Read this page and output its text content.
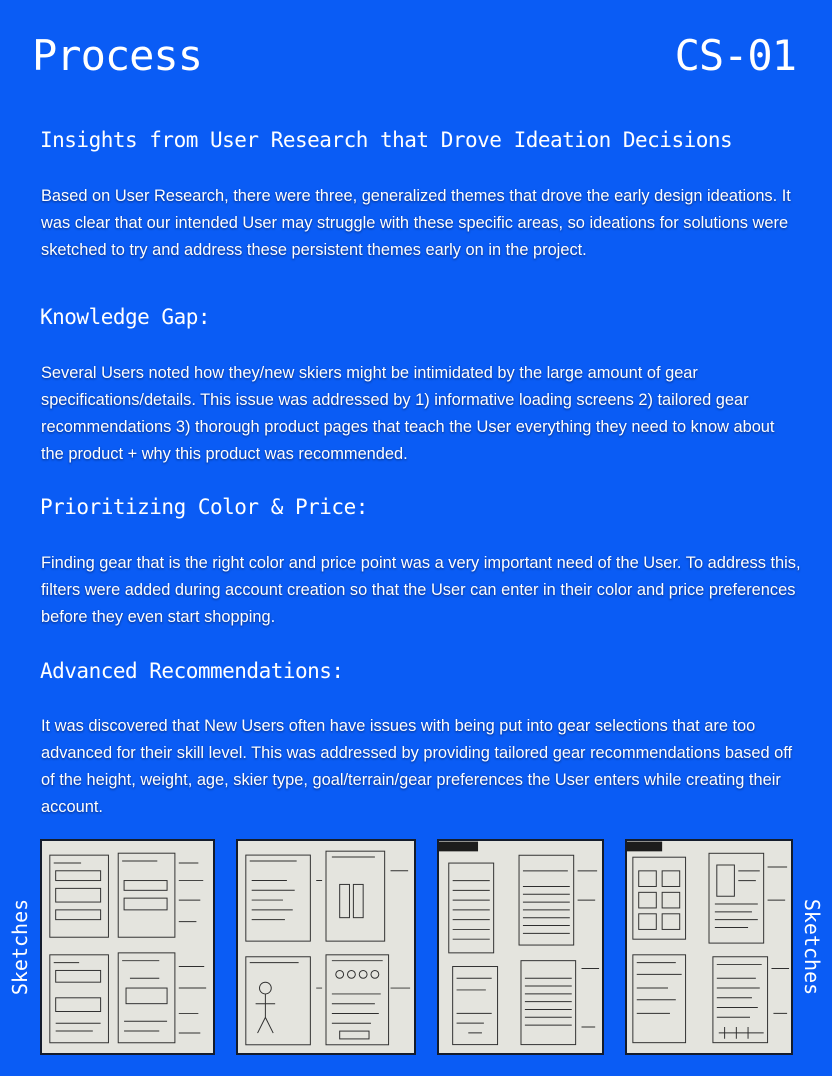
Process	CS-01
Insights from User Research that Drove Ideation Decisions
Based on User Research, there were three, generalized themes that drove the early design ideations. It was clear that our intended User may struggle with these specific areas, so ideations for solutions were sketched to try and address these persistent themes early on in the project.
Knowledge Gap:
Several Users noted how they/new skiers might be intimidated by the large amount of gear specifications/details. This issue was addressed by 1) informative loading screens 2) tailored gear recommendations 3) thorough product pages that teach the User everything they need to know about the product + why this product was recommended.
Prioritizing Color & Price:
Finding gear that is the right color and price point was a very important need of the User. To address this, filters were added during account creation so that the User can enter in their color and price preferences before they even start shopping.
Advanced Recommendations:
It was discovered that New Users often have issues with being put into gear selections that are too advanced for their skill level. This was addressed by providing tailored gear recommendations based off of the height, weight, age, skier type, goal/terrain/gear preferences the User enters while creating their account.
Sketches	Sketches
